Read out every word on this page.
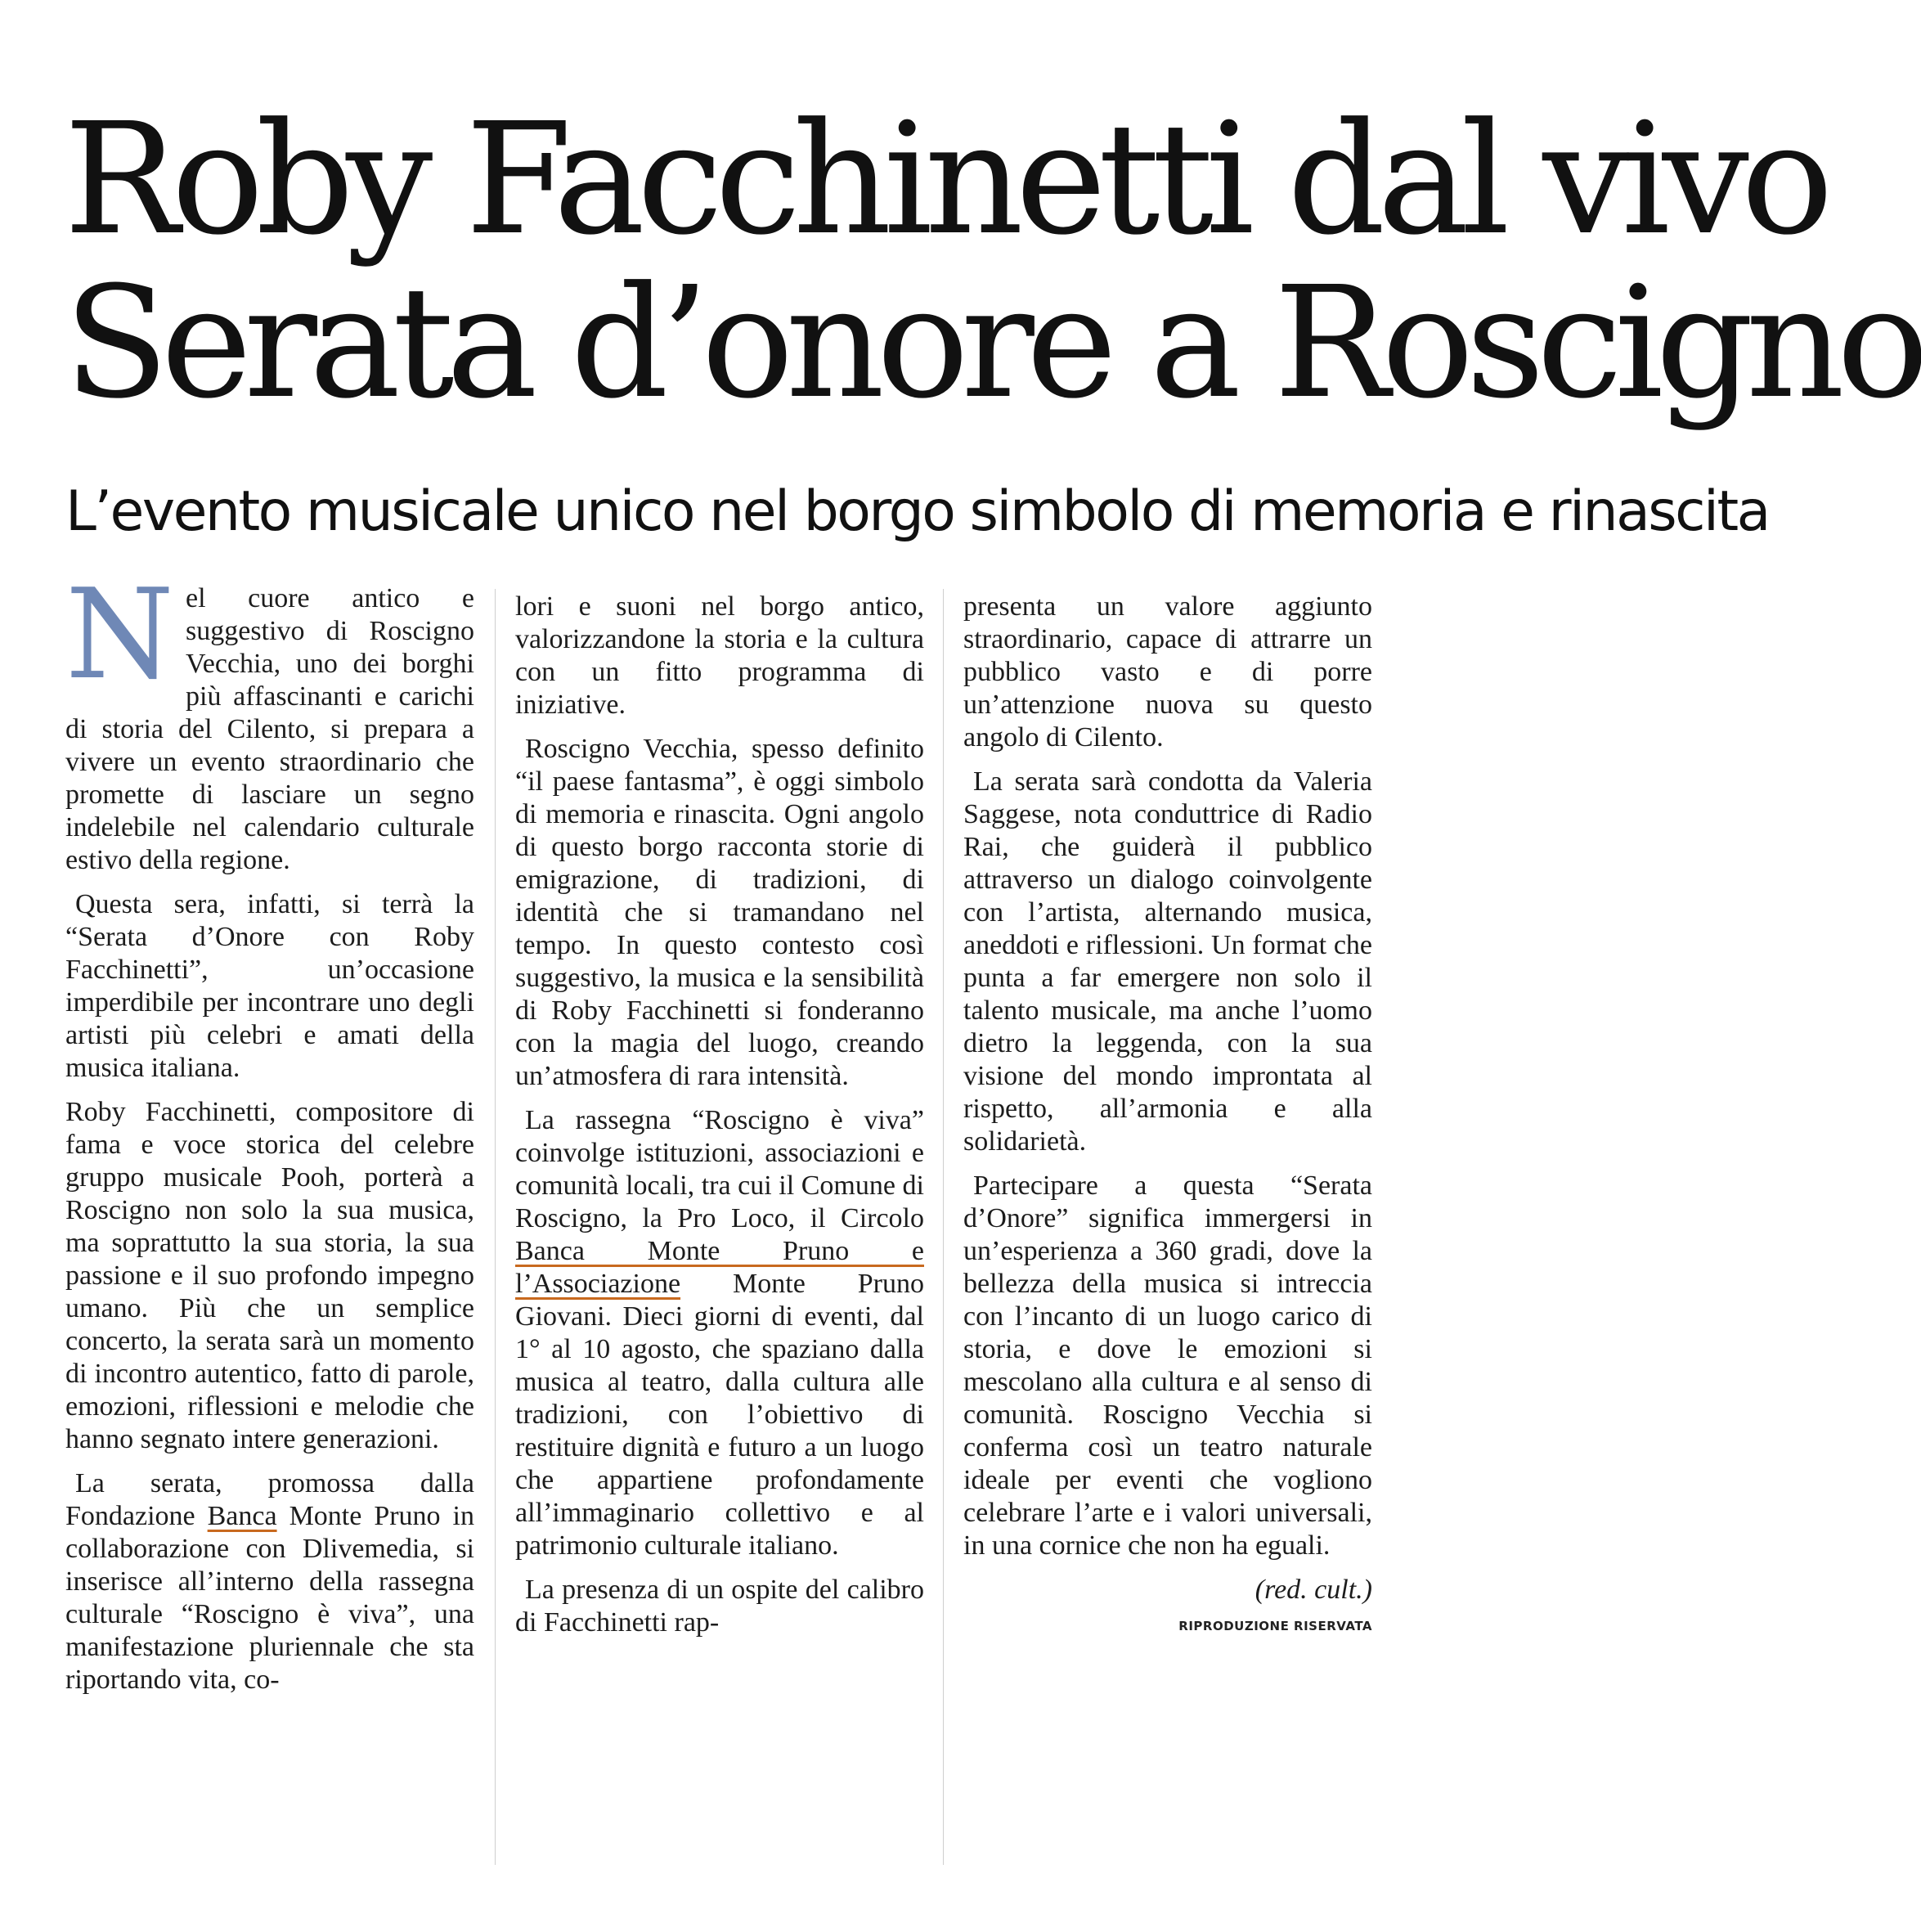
Roby Facchinetti dal vivo
Serata d’onore a Roscigno
L’evento musicale unico nel borgo simbolo di memoria e rinascita

Nel cuore antico e suggestivo di Roscigno Vecchia, uno dei borghi più affascinanti e carichi di storia del Cilento, si prepara a vivere un evento straordinario che promette di lasciare un segno indelebile nel calendario culturale estivo della regione.

Questa sera, infatti, si terrà la “Serata d’Onore con Roby Facchinetti”, un’occasione imperdibile per incontrare uno degli artisti più celebri e amati della musica italiana.

Roby Facchinetti, compositore di fama e voce storica del celebre gruppo musicale Pooh, porterà a Roscigno non solo la sua musica, ma soprattutto la sua storia, la sua passione e il suo profondo impegno umano. Più che un semplice concerto, la serata sarà un momento di incontro autentico, fatto di parole, emozioni, riflessioni e melodie che hanno segnato intere generazioni.

La serata, promossa dalla Fondazione Banca Monte Pruno in collaborazione con Dlivemedia, si inserisce all’interno della rassegna culturale “Roscigno è viva”, una manifestazione pluriennale che sta riportando vita, co-

lori e suoni nel borgo antico, valorizzandone la storia e la cultura con un fitto programma di iniziative.

Roscigno Vecchia, spesso definito “il paese fantasma”, è oggi simbolo di memoria e rinascita. Ogni angolo di questo borgo racconta storie di emigrazione, di tradizioni, di identità che si tramandano nel tempo. In questo contesto così suggestivo, la musica e la sensibilità di Roby Facchinetti si fonderanno con la magia del luogo, creando un’atmosfera di rara intensità.

La rassegna “Roscigno è viva” coinvolge istituzioni, associazioni e comunità locali, tra cui il Comune di Roscigno, la Pro Loco, il Circolo Banca Monte Pruno e l’Associazione Monte Pruno Giovani. Dieci giorni di eventi, dal 1° al 10 agosto, che spaziano dalla musica al teatro, dalla cultura alle tradizioni, con l’obiettivo di restituire dignità e futuro a un luogo che appartiene profondamente all’immaginario collettivo e al patrimonio culturale italiano.

La presenza di un ospite del calibro di Facchinetti rap-

presenta un valore aggiunto straordinario, capace di attrarre un pubblico vasto e di porre un’attenzione nuova su questo angolo di Cilento.

La serata sarà condotta da Valeria Saggese, nota conduttrice di Radio Rai, che guiderà il pubblico attraverso un dialogo coinvolgente con l’artista, alternando musica, aneddoti e riflessioni. Un format che punta a far emergere non solo il talento musicale, ma anche l’uomo dietro la leggenda, con la sua visione del mondo improntata al rispetto, all’armonia e alla solidarietà.

Partecipare a questa “Serata d’Onore” significa immergersi in un’esperienza a 360 gradi, dove la bellezza della musica si intreccia con l’incanto di un luogo carico di storia, e dove le emozioni si mescolano alla cultura e al senso di comunità. Roscigno Vecchia si conferma così un teatro naturale ideale per eventi che vogliono celebrare l’arte e i valori universali, in una cornice che non ha eguali.

(red. cult.)

RIPRODUZIONE RISERVATA
